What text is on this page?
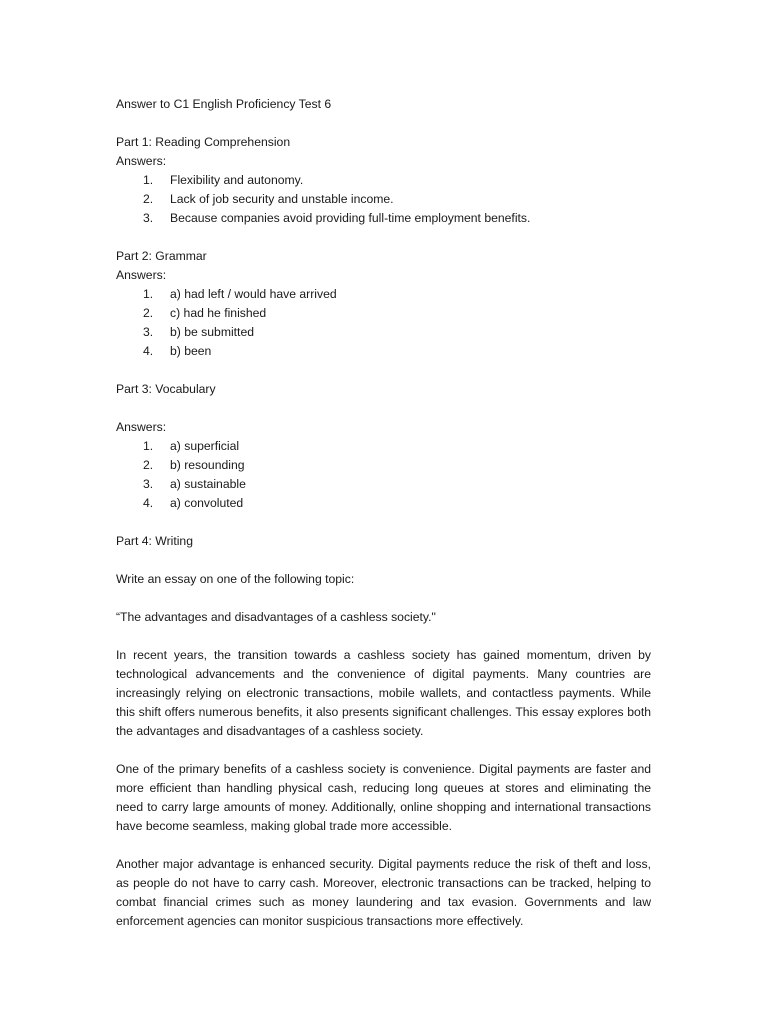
Answer to C1 English Proficiency Test 6
Part 1: Reading Comprehension
Answers:
1.	Flexibility and autonomy.
2.	Lack of job security and unstable income.
3.	Because companies avoid providing full-time employment benefits.
Part 2: Grammar
Answers:
1.	a) had left / would have arrived
2.	c) had he finished
3.	b) be submitted
4.	b) been
Part 3: Vocabulary
Answers:
1.	a) superficial
2.	b) resounding
3.	a) sustainable
4.	a) convoluted
Part 4: Writing
Write an essay on one of the following topic:
“The advantages and disadvantages of a cashless society."

In recent years, the transition towards a cashless society has gained momentum, driven by technological advancements and the convenience of digital payments. Many countries are increasingly relying on electronic transactions, mobile wallets, and contactless payments. While this shift offers numerous benefits, it also presents significant challenges. This essay explores both the advantages and disadvantages of a cashless society.

One of the primary benefits of a cashless society is convenience. Digital payments are faster and more efficient than handling physical cash, reducing long queues at stores and eliminating the need to carry large amounts of money. Additionally, online shopping and international transactions have become seamless, making global trade more accessible.

Another major advantage is enhanced security. Digital payments reduce the risk of theft and loss, as people do not have to carry cash. Moreover, electronic transactions can be tracked, helping to combat financial crimes such as money laundering and tax evasion. Governments and law enforcement agencies can monitor suspicious transactions more effectively.
